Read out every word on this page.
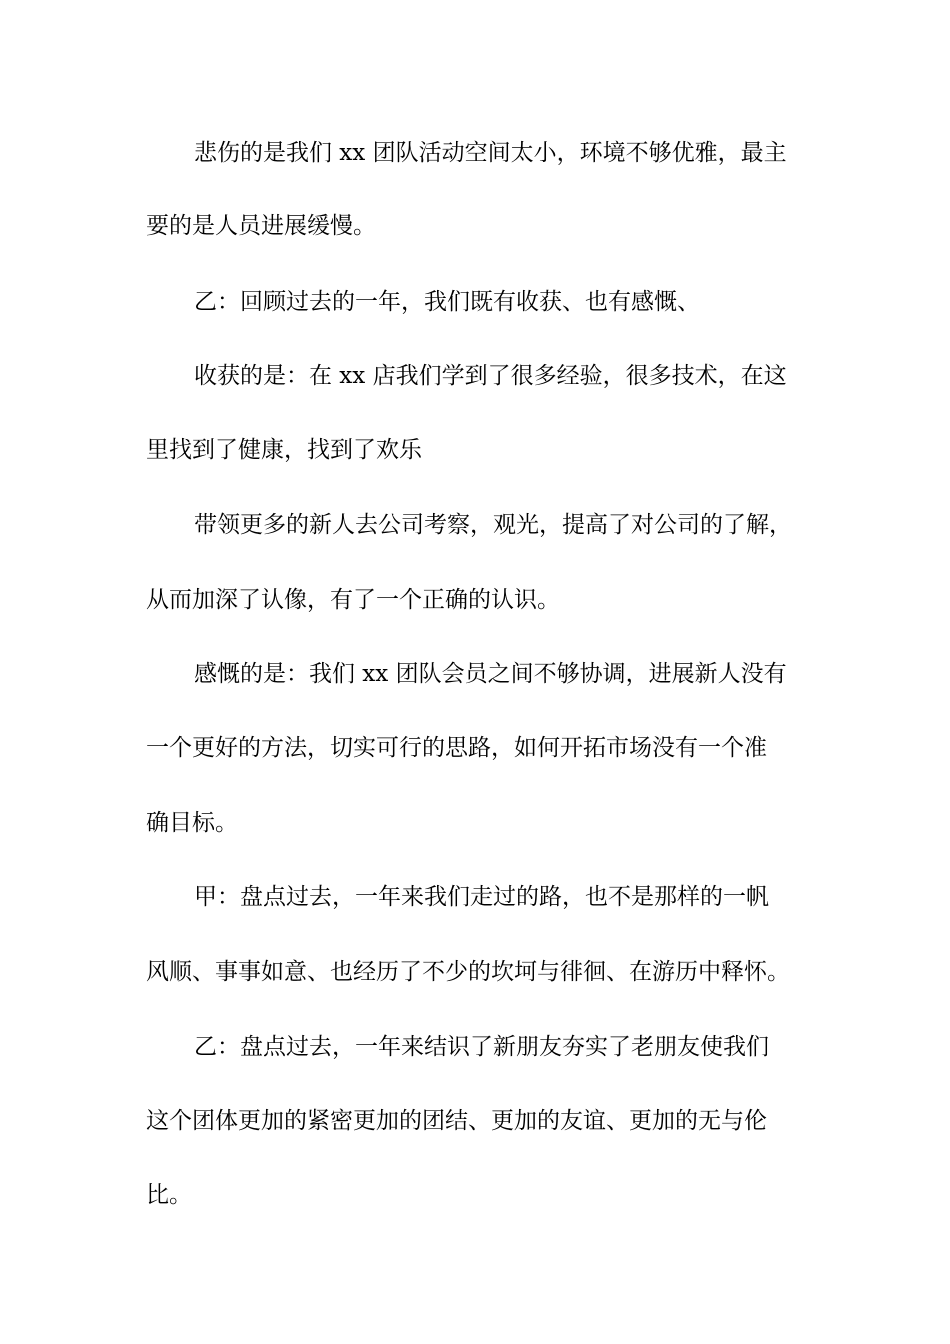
悲伤的是我们 xx 团队活动空间太小，环境不够优雅，最主
要的是人员进展缓慢。
乙：回顾过去的一年，我们既有收获、也有感慨、
收获的是：在 xx 店我们学到了很多经验，很多技术，在这
里找到了健康，找到了欢乐
带领更多的新人去公司考察，观光，提高了对公司的了解，
从而加深了认像，有了一个正确的认识。
感慨的是：我们 xx 团队会员之间不够协调，进展新人没有
一个更好的方法，切实可行的思路，如何开拓市场没有一个准
确目标。
甲：盘点过去，一年来我们走过的路，也不是那样的一帆
风顺、事事如意、也经历了不少的坎坷与徘徊、在游历中释怀。
乙：盘点过去，一年来结识了新朋友夯实了老朋友使我们
这个团体更加的紧密更加的团结、更加的友谊、更加的无与伦
比。
